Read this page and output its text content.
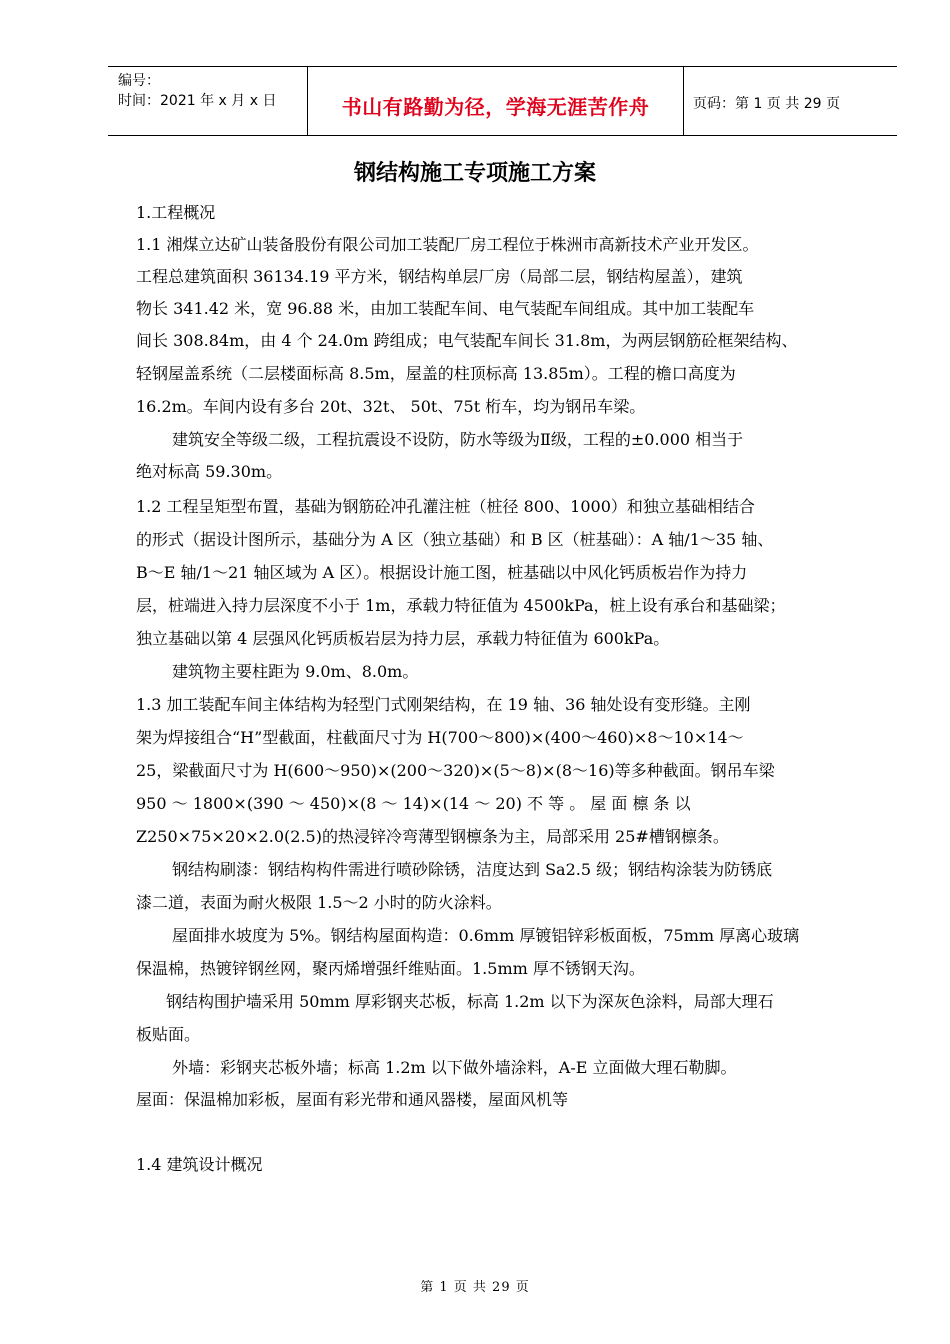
编号：
时间：2021 年 x 月 x 日	书山有路勤为径，学海无涯苦作舟	页码：第 1 页 共 29 页
钢结构施工专项施工方案
1.工程概况
1.1 湘煤立达矿山装备股份有限公司加工装配厂房工程位于株洲市高新技术产业开发区。
工程总建筑面积 36134.19 平方米，钢结构单层厂房（局部二层，钢结构屋盖），建筑
物长 341.42 米，宽 96.88 米，由加工装配车间、电气装配车间组成。其中加工装配车
间长 308.84m，由 4 个 24.0m 跨组成；电气装配车间长 31.8m，为两层钢筋砼框架结构、
轻钢屋盖系统（二层楼面标高 8.5m，屋盖的柱顶标高 13.85m）。工程的檐口高度为
16.2m。车间内设有多台 20t、32t、 50t、75t 桁车，均为钢吊车梁。
建筑安全等级二级，工程抗震设不设防，防水等级为Ⅱ级，工程的±0.000 相当于
绝对标高 59.30m。
1.2 工程呈矩型布置，基础为钢筋砼冲孔灌注桩（桩径 800、1000）和独立基础相结合
的形式（据设计图所示，基础分为 A 区（独立基础）和 B 区（桩基础）：A 轴/1～35 轴、
B～E 轴/1～21 轴区域为 A 区）。根据设计施工图，桩基础以中风化钙质板岩作为持力
层，桩端进入持力层深度不小于 1m，承载力特征值为 4500kPa，桩上设有承台和基础梁；
独立基础以第 4 层强风化钙质板岩层为持力层，承载力特征值为 600kPa。
建筑物主要柱距为 9.0m、8.0m。
1.3 加工装配车间主体结构为轻型门式刚架结构，在 19 轴、36 轴处设有变形缝。主刚
架为焊接组合“H”型截面，柱截面尺寸为 H(700～800)×(400～460)×8～10×14～
25，梁截面尺寸为 H(600～950)×(200～320)×(5～8)×(8～16)等多种截面。钢吊车梁
950 ～ 1800×(390 ～ 450)×(8 ～ 14)×(14 ～ 20) 不 等 。 屋 面 檩 条 以
Z250×75×20×2.0(2.5)的热浸锌冷弯薄型钢檩条为主，局部采用 25#槽钢檩条。
钢结构刷漆：钢结构构件需进行喷砂除锈，洁度达到 Sa2.5 级；钢结构涂装为防锈底
漆二道，表面为耐火极限 1.5～2 小时的防火涂料。
屋面排水坡度为 5%。钢结构屋面构造：0.6mm 厚镀铝锌彩板面板，75mm 厚离心玻璃
保温棉，热镀锌钢丝网，聚丙烯增强纤维贴面。1.5mm 厚不锈钢天沟。
钢结构围护墙采用 50mm 厚彩钢夹芯板，标高 1.2m 以下为深灰色涂料，局部大理石
板贴面。
外墙：彩钢夹芯板外墙；标高 1.2m 以下做外墙涂料，A-E 立面做大理石勒脚。
屋面：保温棉加彩板，屋面有彩光带和通风器楼，屋面风机等
1.4 建筑设计概况
第 1 页 共 29 页
